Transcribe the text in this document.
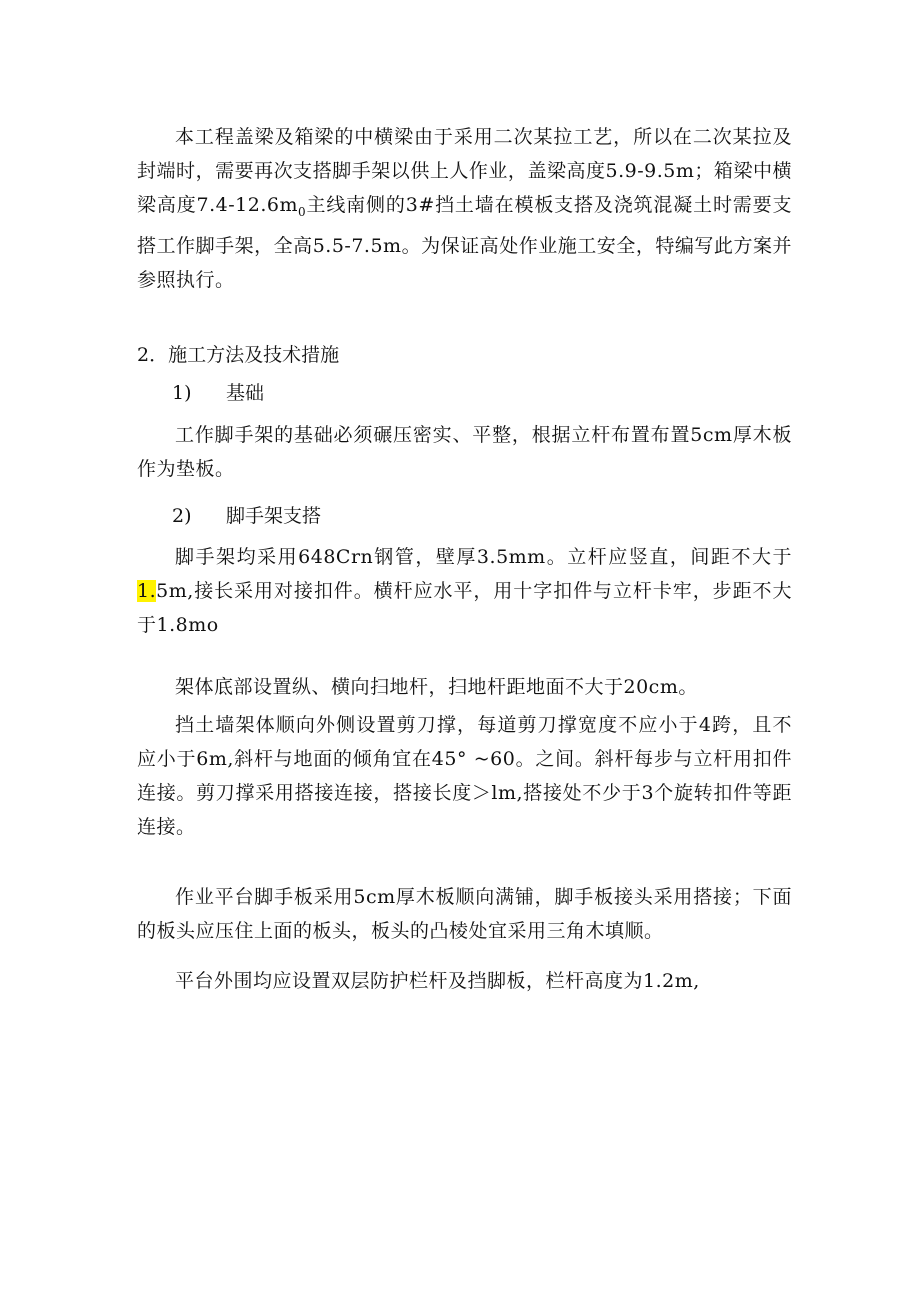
本工程盖梁及箱梁的中横梁由于采用二次某拉工艺，所以在二次某拉及封端时，需要再次支搭脚手架以供上人作业，盖梁高度5.9-9.5m；箱梁中横梁高度$7.4-12.6m_0$主线南侧的3#挡土墙在模板支搭及浇筑混凝土时需要支搭工作脚手架，全高5.5-7.5m。为保证高处作业施工安全，特编写此方案并参照执行。

2．施工方法及技术措施

1) 基础

工作脚手架的基础必须碾压密实、平整，根据立杆布置布置5cm厚木板作为垫板。

2) 脚手架支搭

脚手架均采用648Crn钢管，壁厚3.5mm。立杆应竖直，间距不大于1.5m,接长采用对接扣件。横杆应水平，用十字扣件与立杆卡牢，步距不大于1.8mo

架体底部设置纵、横向扫地杆，扫地杆距地面不大于20cm。

挡土墙架体顺向外侧设置剪刀撑，每道剪刀撑宽度不应小于4跨，且不应小于6m,斜杆与地面的倾角宜在45° ~60。之间。斜杆每步与立杆用扣件连接。剪刀撑采用搭接连接，搭接长度＞lm,搭接处不少于3个旋转扣件等距连接。

作业平台脚手板采用5cm厚木板顺向满铺，脚手板接头采用搭接；下面的板头应压住上面的板头，板头的凸棱处宜采用三角木填顺。

平台外围均应设置双层防护栏杆及挡脚板，栏杆高度为1.2m,
